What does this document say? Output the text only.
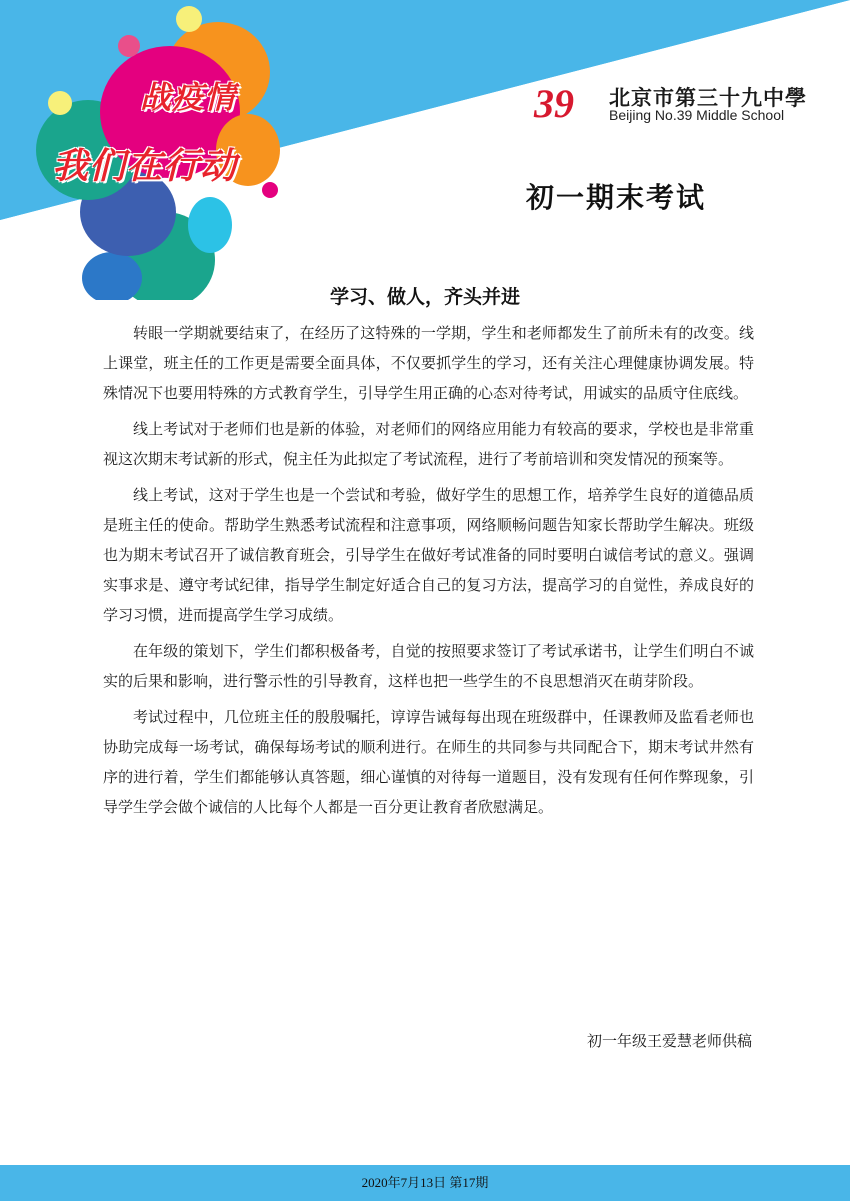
战疫情
我们在行动
39 北京市第三十九中學
Beijing No.39 Middle School
初一期末考试
学习、做人，齐头并进

转眼一学期就要结束了，在经历了这特殊的一学期，学生和老师都发生了前所未有的改变。线上课堂，班主任的工作更是需要全面具体，不仅要抓学生的学习，还有关注心理健康协调发展。特殊情况下也要用特殊的方式教育学生，引导学生用正确的心态对待考试，用诚实的品质守住底线。

线上考试对于老师们也是新的体验，对老师们的网络应用能力有较高的要求，学校也是非常重视这次期末考试新的形式，倪主任为此拟定了考试流程，进行了考前培训和突发情况的预案等。

线上考试，这对于学生也是一个尝试和考验，做好学生的思想工作，培养学生良好的道德品质是班主任的使命。帮助学生熟悉考试流程和注意事项，网络顺畅问题告知家长帮助学生解决。班级也为期末考试召开了诚信教育班会，引导学生在做好考试准备的同时要明白诚信考试的意义。强调实事求是、遵守考试纪律，指导学生制定好适合自己的复习方法，提高学习的自觉性，养成良好的学习习惯，进而提高学生学习成绩。

在年级的策划下，学生们都积极备考，自觉的按照要求签订了考试承诺书，让学生们明白不诚实的后果和影响，进行警示性的引导教育，这样也把一些学生的不良思想消灭在萌芽阶段。

考试过程中，几位班主任的殷殷嘱托，谆谆告诫每每出现在班级群中，任课教师及监看老师也协助完成每一场考试，确保每场考试的顺利进行。在师生的共同参与共同配合下，期末考试井然有序的进行着，学生们都能够认真答题，细心谨慎的对待每一道题目，没有发现有任何作弊现象，引导学生学会做个诚信的人比每个人都是一百分更让教育者欣慰满足。

初一年级王爱慧老师供稿
2020年7月13日 第17期
